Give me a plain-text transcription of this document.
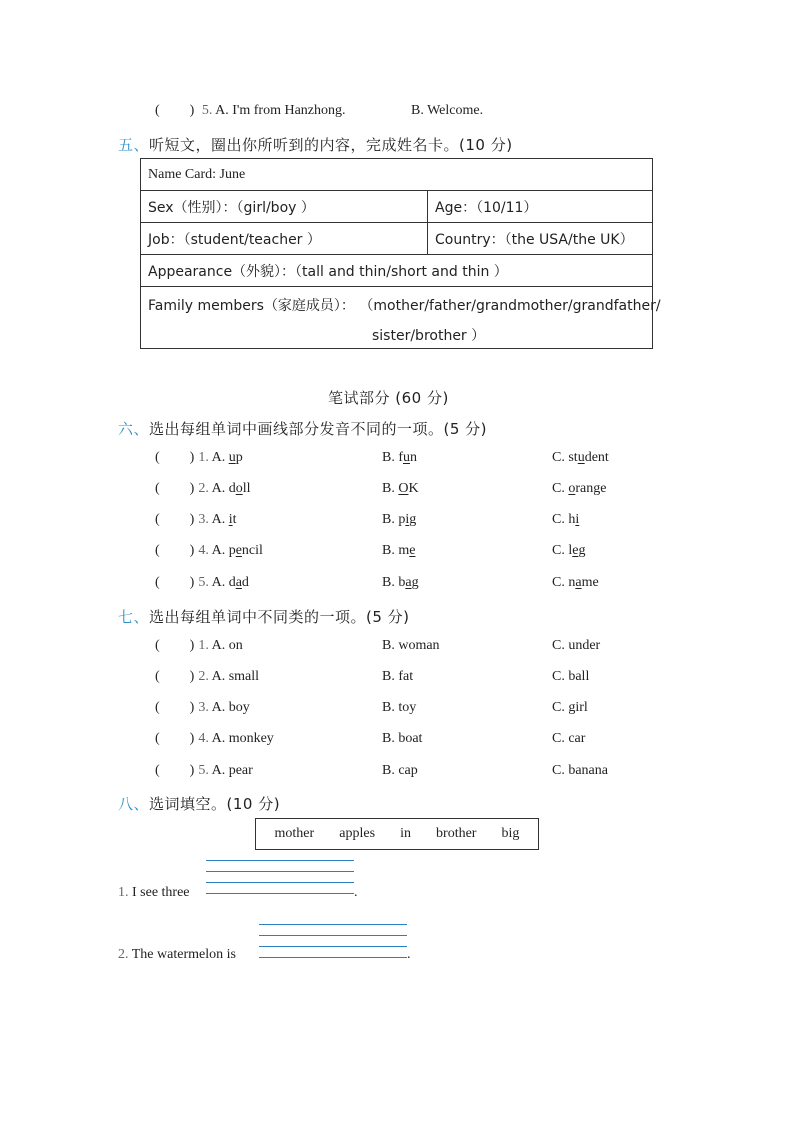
( ) 5. A. I'm from Hanzhong.	B. Welcome.
五、听短文，圈出你所听到的内容，完成姓名卡。(10 分)
Name Card: June
Sex（性别）：（girl/boy ）	Age：（10/11）
Job：（student/teacher ）	Country：（the USA/the UK）
Appearance（外貌）：（tall and thin/short and thin ）
Family members（家庭成员）： （mother/father/grandmother/grandfather/
sister/brother ）
笔试部分 (60 分)
六、选出每组单词中画线部分发音不同的一项。(5 分)
( ) 1. A. up	B. fun	C. student
( ) 2. A. doll	B. OK	C. orange
( ) 3. A. it	B. pig	C. hi
( ) 4. A. pencil	B. me	C. leg
( ) 5. A. dad	B. bag	C. name
七、选出每组单词中不同类的一项。(5 分)
( ) 1. A. on	B. woman	C. under
( ) 2. A. small	B. fat	C. ball
( ) 3. A. boy	B. toy	C. girl
( ) 4. A. monkey	B. boat	C. car
( ) 5. A. pear	B. cap	C. banana
八、选词填空。(10 分)
mother apples in brother big
1. I see three	.
2. The watermelon is	.
